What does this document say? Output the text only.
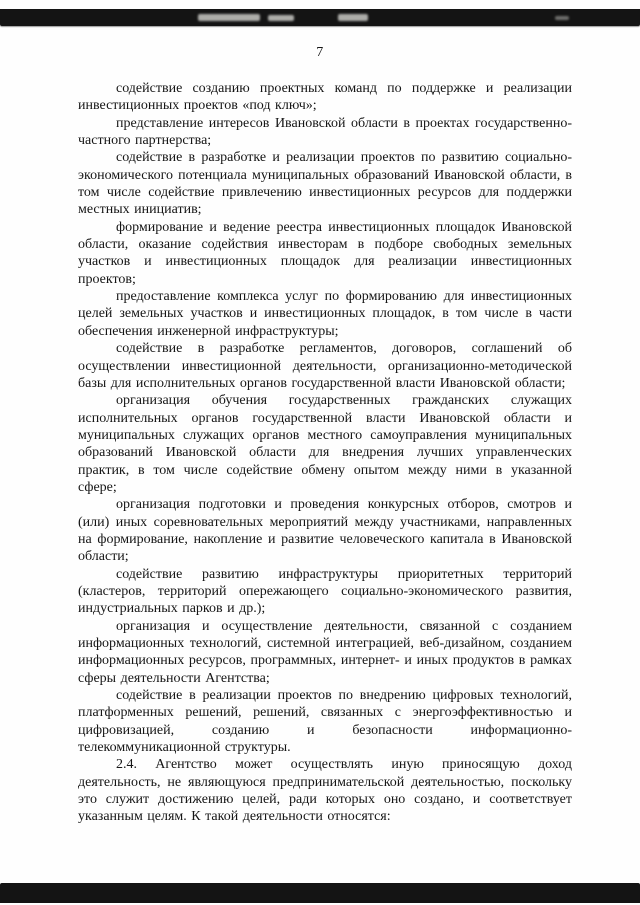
7

содействие созданию проектных команд по поддержке и реализации инвестиционных проектов «под ключ»;

представление интересов Ивановской области в проектах государственно-частного партнерства;

содействие в разработке и реализации проектов по развитию социально-экономического потенциала муниципальных образований Ивановской области, в том числе содействие привлечению инвестиционных ресурсов для поддержки местных инициатив;

формирование и ведение реестра инвестиционных площадок Ивановской области, оказание содействия инвесторам в подборе свободных земельных участков и инвестиционных площадок для реализации инвестиционных проектов;

предоставление комплекса услуг по формированию для инвестиционных целей земельных участков и инвестиционных площадок, в том числе в части обеспечения инженерной инфраструктуры;

содействие в разработке регламентов, договоров, соглашений об осуществлении инвестиционной деятельности, организационно-методической базы для исполнительных органов государственной власти Ивановской области;

организация обучения государственных гражданских служащих исполнительных органов государственной власти Ивановской области и муниципальных служащих органов местного самоуправления муниципальных образований Ивановской области для внедрения лучших управленческих практик, в том числе содействие обмену опытом между ними в указанной сфере;

организация подготовки и проведения конкурсных отборов, смотров и (или) иных соревновательных мероприятий между участниками, направленных на формирование, накопление и развитие человеческого капитала в Ивановской области;

содействие развитию инфраструктуры приоритетных территорий (кластеров, территорий опережающего социально-экономического развития, индустриальных парков и др.);

организация и осуществление деятельности, связанной с созданием информационных технологий, системной интеграцией, веб-дизайном, созданием информационных ресурсов, программных, интернет- и иных продуктов в рамках сферы деятельности Агентства;

содействие в реализации проектов по внедрению цифровых технологий, платформенных решений, решений, связанных с энергоэффективностью и цифровизацией, созданию и безопасности информационно-телекоммуникационной структуры.

2.4. Агентство может осуществлять иную приносящую доход деятельность, не являющуюся предпринимательской деятельностью, поскольку это служит достижению целей, ради которых оно создано, и соответствует указанным целям. К такой деятельности относятся:
